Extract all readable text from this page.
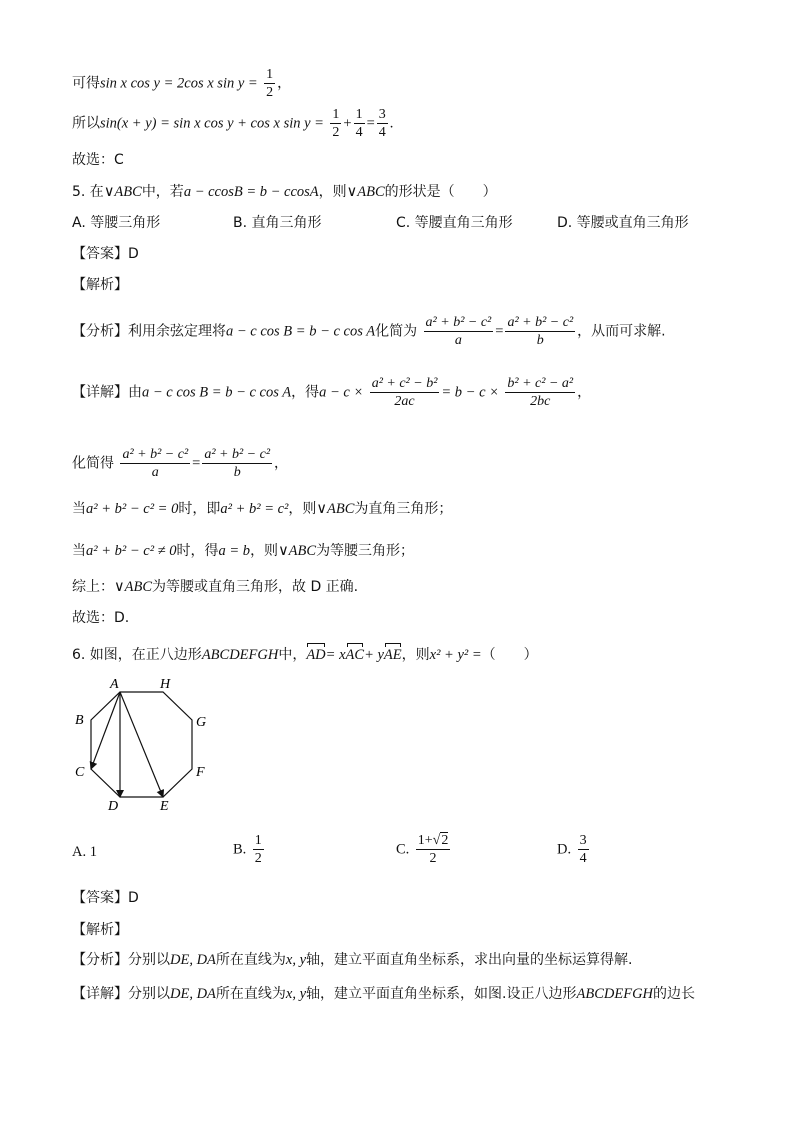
可得sin x cos y = 2cos x $\sin y = \frac{1}{2}$ ，
所以sin(x + y) = sin x cos y + cos x $\sin y = \frac{1}{2} + \frac{1}{4} = \frac{3}{4}$ .
故选：C
5. 在∨ABC中，若a − ccosB = b − ccosA，则∨ABC的形状是（　　）
A. 等腰三角形	B. 直角三角形	C. 等腰直角三角形	D. 等腰或直角三角形
【答案】D
【解析】
【分析】利用余弦定理将a − c cos B = b − c cos A化简为 $\frac{\text{a² + b² − c²}}{a} = \frac{\text{a² + b² − c²}}{b}$ ，从而可求解.
【详解】由a − c cos B = b − c cos A，得$a - c \times \frac{\text{a² + c² − b²}}{2ac} = b - c \times \frac{\text{b² + c² − a²}}{2bc}$ ，
化简得 $\frac{\text{a² + b² − c²}}{a} = \frac{\text{a² + b² − c²}}{b}$ ，
当a² + b² − c² = 0时，即a² + b² = c²，则∨ABC为直角三角形；
当a² + b² − c² ≠ 0时，得a = b，则∨ABC为等腰三角形；
综上：∨ABC为等腰或直角三角形，故 D 正确.
故选：D.
6. 如图，在正八边形ABCDEFGH中，AD= xAC+ yAE，则x² + y² =（　　）
A	H
B	G
C	F
D	E
A. 1	B. $\frac{1}{2}$	C. $\frac{1+√2}{2}$	D. $\frac{3}{4}$
【答案】D
【解析】
【分析】分别以DE, DA所在直线为x, y轴，建立平面直角坐标系，求出向量的坐标运算得解.
【详解】分别以DE, DA所在直线为x, y轴，建立平面直角坐标系，如图.设正八边形ABCDEFGH的边长
